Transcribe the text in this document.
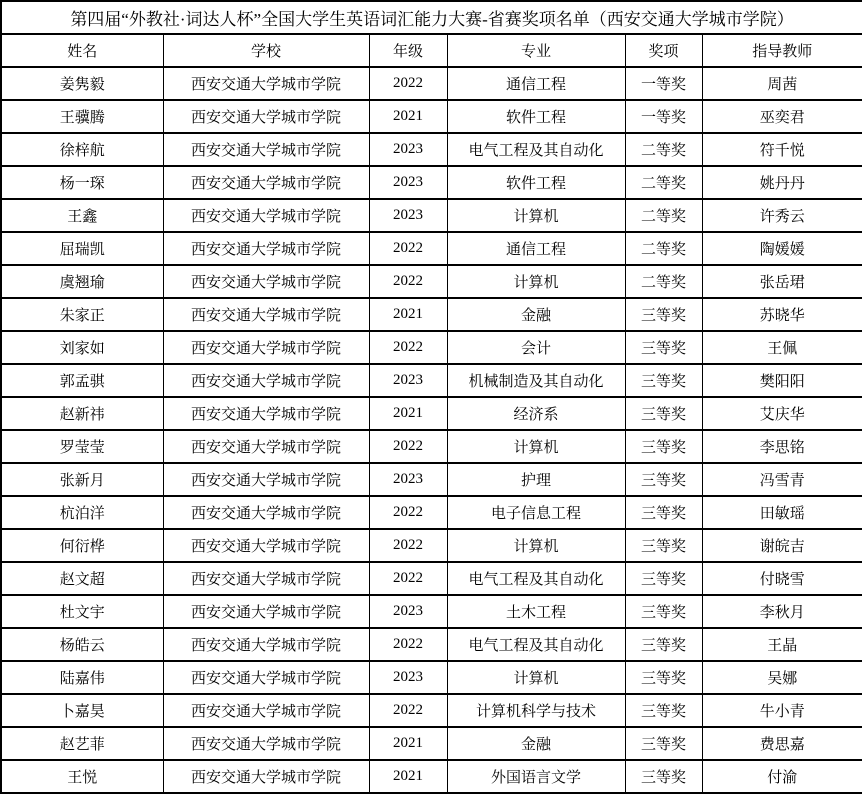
第四届“外教社·词达人杯”全国大学生英语词汇能力大赛-省赛奖项名单（西安交通大学城市学院）					
姓名	学校	年级	专业	奖项	指导教师
姜隽毅	西安交通大学城市学院	2022	通信工程	一等奖	周茜
王骥腾	西安交通大学城市学院	2021	软件工程	一等奖	巫奕君
徐梓航	西安交通大学城市学院	2023	电气工程及其自动化	二等奖	符千悦
杨一琛	西安交通大学城市学院	2023	软件工程	二等奖	姚丹丹
王鑫	西安交通大学城市学院	2023	计算机	二等奖	许秀云
屈瑞凯	西安交通大学城市学院	2022	通信工程	二等奖	陶媛媛
虞翘瑜	西安交通大学城市学院	2022	计算机	二等奖	张岳珺
朱家正	西安交通大学城市学院	2021	金融	三等奖	苏晓华
刘家如	西安交通大学城市学院	2022	会计	三等奖	王佩
郭孟骐	西安交通大学城市学院	2023	机械制造及其自动化	三等奖	樊阳阳
赵新祎	西安交通大学城市学院	2021	经济系	三等奖	艾庆华
罗莹莹	西安交通大学城市学院	2022	计算机	三等奖	李思铭
张新月	西安交通大学城市学院	2023	护理	三等奖	冯雪青
杭泊洋	西安交通大学城市学院	2022	电子信息工程	三等奖	田敏瑶
何衍桦	西安交通大学城市学院	2022	计算机	三等奖	谢皖吉
赵文超	西安交通大学城市学院	2022	电气工程及其自动化	三等奖	付晓雪
杜文宇	西安交通大学城市学院	2023	土木工程	三等奖	李秋月
杨皓云	西安交通大学城市学院	2022	电气工程及其自动化	三等奖	王晶
陆嘉伟	西安交通大学城市学院	2023	计算机	三等奖	吴娜
卜嘉昊	西安交通大学城市学院	2022	计算机科学与技术	三等奖	牛小青
赵艺菲	西安交通大学城市学院	2021	金融	三等奖	费思嘉
王悦	西安交通大学城市学院	2021	外国语言文学	三等奖	付渝
